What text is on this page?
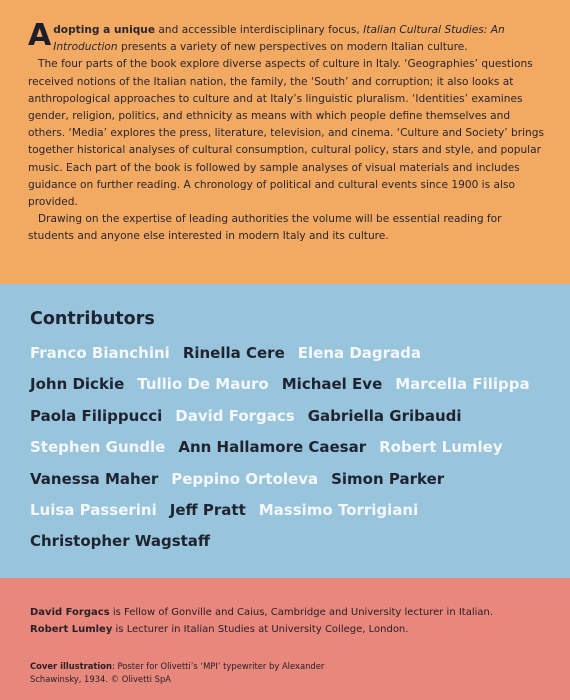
Adopting a unique and accessible interdisciplinary focus, Italian Cultural Studies: An Introduction presents a variety of new perspectives on modern Italian culture.

The four parts of the book explore diverse aspects of culture in Italy. ‘Geographies’ questions received notions of the Italian nation, the family, the ‘South’ and corruption; it also looks at anthropological approaches to culture and at Italy’s linguistic pluralism. ‘Identities’ examines gender, religion, politics, and ethnicity as means with which people define themselves and others. ‘Media’ explores the press, literature, television, and cinema. ‘Culture and Society’ brings together historical analyses of cultural consumption, cultural policy, stars and style, and popular music. Each part of the book is followed by sample analyses of visual materials and includes guidance on further reading. A chronology of political and cultural events since 1900 is also provided.

Drawing on the expertise of leading authorities the volume will be essential reading for students and anyone else interested in modern Italy and its culture.

Contributors
Franco Bianchini Rinella Cere Elena Dagrada
John Dickie Tullio De Mauro Michael Eve Marcella Filippa
Paola Filippucci David Forgacs Gabriella Gribaudi
Stephen Gundle Ann Hallamore Caesar Robert Lumley
Vanessa Maher Peppino Ortoleva Simon Parker
Luisa Passerini Jeff Pratt Massimo Torrigiani
Christopher Wagstaff
David Forgacs is Fellow of Gonville and Caius, Cambridge and University lecturer in Italian.
Robert Lumley is Lecturer in Italian Studies at University College, London.
Cover illustration: Poster for Olivetti’s ‘MPI’ typewriter by Alexander Schawinsky, 1934. © Olivetti SpA
